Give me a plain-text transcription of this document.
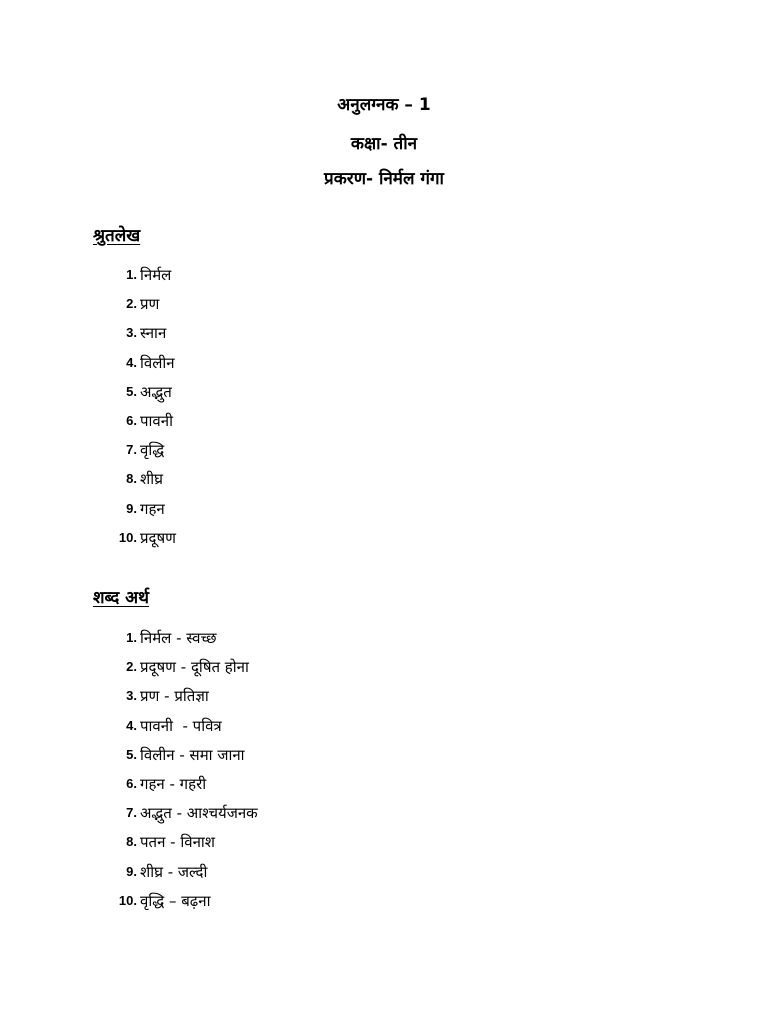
अनुलग्नक – 1
कक्षा- तीन
प्रकरण- निर्मल गंगा
श्रुतलेख
1. निर्मल
2. प्रण
3. स्नान
4. विलीन
5. अद्भुत
6. पावनी
7. वृद्धि
8. शीघ्र
9. गहन
10. प्रदूषण
शब्द अर्थ
1. निर्मल - स्वच्छ
2. प्रदूषण - दूषित होना
3. प्रण - प्रतिज्ञा
4. पावनी  - पवित्र
5. विलीन - समा जाना
6. गहन - गहरी
7. अद्भुत - आश्चर्यजनक
8. पतन - विनाश
9. शीघ्र - जल्दी
10. वृद्धि – बढ़ना
